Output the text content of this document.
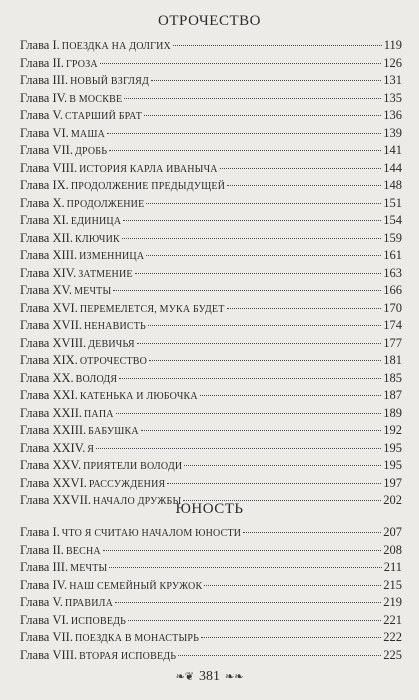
ОТРОЧЕСТВО
Глава I. ПОЕЗДКА НА ДОЛГИХ	119
Глава II. ГРОЗА	126
Глава III. НОВЫЙ ВЗГЛЯД	131
Глава IV. В МОСКВЕ	135
Глава V. СТАРШИЙ БРАТ	136
Глава VI. МАША	139
Глава VII. ДРОБЬ	141
Глава VIII. ИСТОРИЯ КАРЛА ИВАНЫЧА	144
Глава IX. ПРОДОЛЖЕНИЕ ПРЕДЫДУЩЕЙ	148
Глава X. ПРОДОЛЖЕНИЕ	151
Глава XI. ЕДИНИЦА	154
Глава XII. КЛЮЧИК	159
Глава XIII. ИЗМЕННИЦА	161
Глава XIV. ЗАТМЕНИЕ	163
Глава XV. МЕЧТЫ	166
Глава XVI. ПЕРЕМЕЛЕТСЯ, МУКА БУДЕТ	170
Глава XVII. НЕНАВИСТЬ	174
Глава XVIII. ДЕВИЧЬЯ	177
Глава XIX. ОТРОЧЕСТВО	181
Глава XX. ВОЛОДЯ	185
Глава XXI. КАТЕНЬКА И ЛЮБОЧКА	187
Глава XXII. ПАПА	189
Глава XXIII. БАБУШКА	192
Глава XXIV. Я	195
Глава XXV. ПРИЯТЕЛИ ВОЛОДИ	195
Глава XXVI. РАССУЖДЕНИЯ	197
Глава XXVII. НАЧАЛО ДРУЖБЫ	202
ЮНОСТЬ
Глава I. ЧТО Я СЧИТАЮ НАЧАЛОМ ЮНОСТИ	207
Глава II. ВЕСНА	208
Глава III. МЕЧТЫ	211
Глава IV. НАШ СЕМЕЙНЫЙ КРУЖОК	215
Глава V. ПРАВИЛА	219
Глава VI. ИСПОВЕДЬ	221
Глава VII. ПОЕЗДКА В МОНАСТЫРЬ	222
Глава VIII. ВТОРАЯ ИСПОВЕДЬ	225
❧❦ 381 ❧❧
